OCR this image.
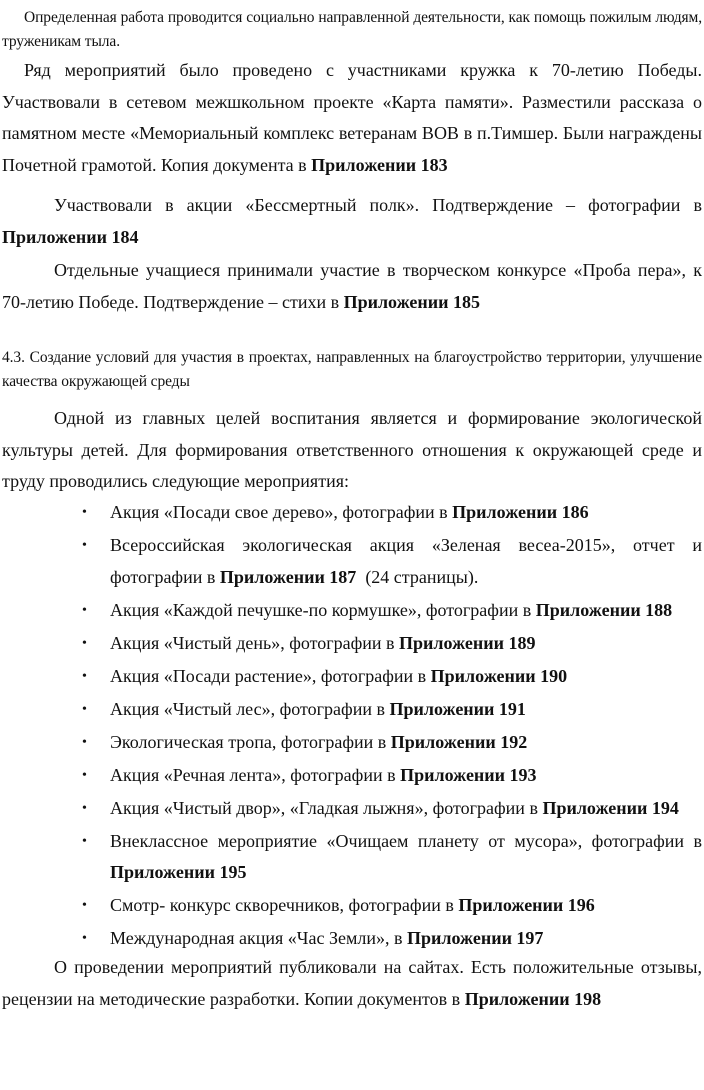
Определенная работа проводится социально направленной деятельности, как помощь пожилым людям, труженикам тыла.

Ряд мероприятий было проведено с участниками кружка к 70-летию Победы. Участвовали в сетевом межшкольном проекте «Карта памяти». Разместили рассказа о памятном месте «Мемориальный комплекс ветеранам ВОВ в п.Тимшер. Были награждены Почетной грамотой. Копия документа в Приложении 183

Участвовали в акции «Бессмертный полк». Подтверждение – фотографии в Приложении 184

Отдельные учащиеся принимали участие в творческом конкурсе «Проба пера», к 70-летию Победе. Подтверждение – стихи в Приложении 185

4.3. Создание условий для участия в проектах, направленных на благоустройство территории, улучшение качества окружающей среды

Одной из главных целей воспитания является и формирование экологической культуры детей. Для формирования ответственного отношения к окружающей среде и труду проводились следующие мероприятия:

• Акция «Посади свое дерево», фотографии в Приложении 186
• Всероссийская экологическая акция «Зеленая весеа-2015», отчет и фотографии в Приложении 187  (24 страницы).
• Акция «Каждой печушке-по кормушке», фотографии в Приложении 188
• Акция «Чистый день», фотографии в Приложении 189
• Акция «Посади растение», фотографии в Приложении 190
• Акция «Чистый лес», фотографии в Приложении 191
• Экологическая тропа, фотографии в Приложении 192
• Акция «Речная лента», фотографии в Приложении 193
• Акция «Чистый двор», «Гладкая лыжня», фотографии в Приложении 194
• Внеклассное мероприятие «Очищаем планету от мусора», фотографии в Приложении 195
• Смотр- конкурс скворечников, фотографии в Приложении 196
• Международная акция «Час Земли», в Приложении 197

О проведении мероприятий публиковали на сайтах. Есть положительные отзывы, рецензии на методические разработки. Копии документов в Приложении 198
